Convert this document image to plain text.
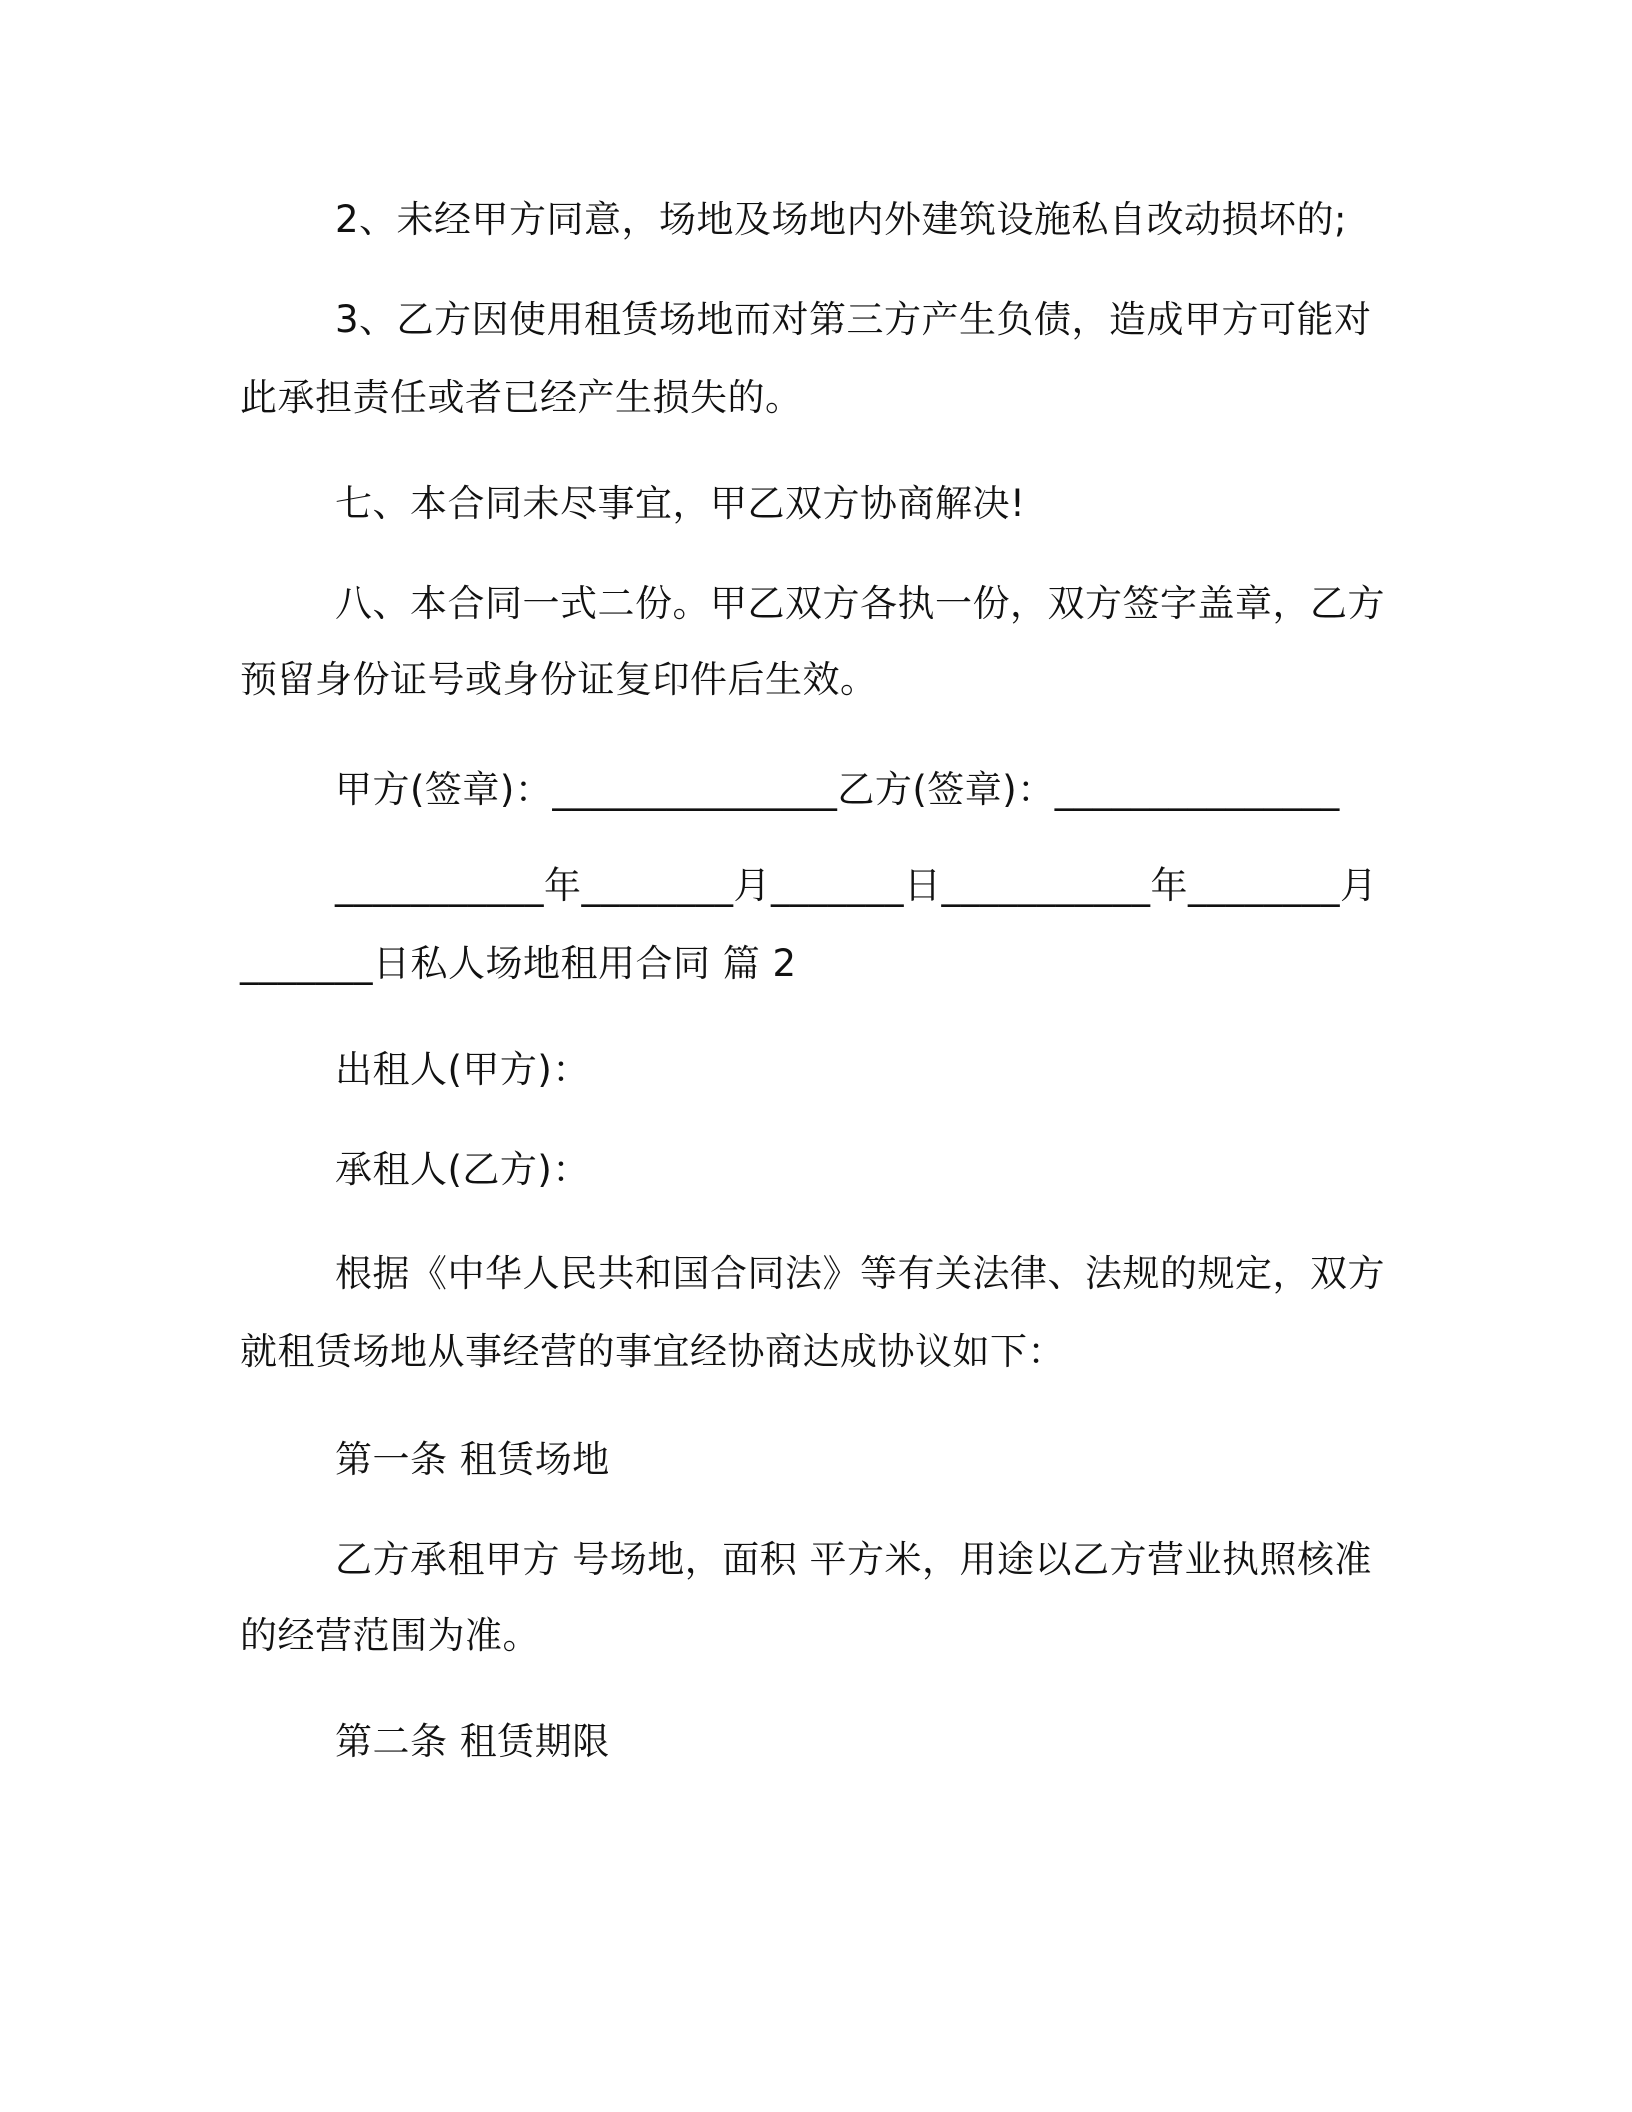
2、未经甲方同意，场地及场地内外建筑设施私自改动损坏的;
3、乙方因使用租赁场地而对第三方产生负债，造成甲方可能对
此承担责任或者已经产生损失的。
七、本合同未尽事宜，甲乙双方协商解决!
八、本合同一式二份。甲乙双方各执一份，双方签字盖章，乙方
预留身份证号或身份证复印件后生效。
甲方(签章)：_______________乙方(签章)：_______________
___________年________月_______日___________年________月
_______日私人场地租用合同 篇 2
出租人(甲方)：
承租人(乙方)：
根据《中华人民共和国合同法》等有关法律、法规的规定，双方
就租赁场地从事经营的事宜经协商达成协议如下：
第一条 租赁场地
乙方承租甲方 号场地，面积 平方米，用途以乙方营业执照核准
的经营范围为准。
第二条 租赁期限
